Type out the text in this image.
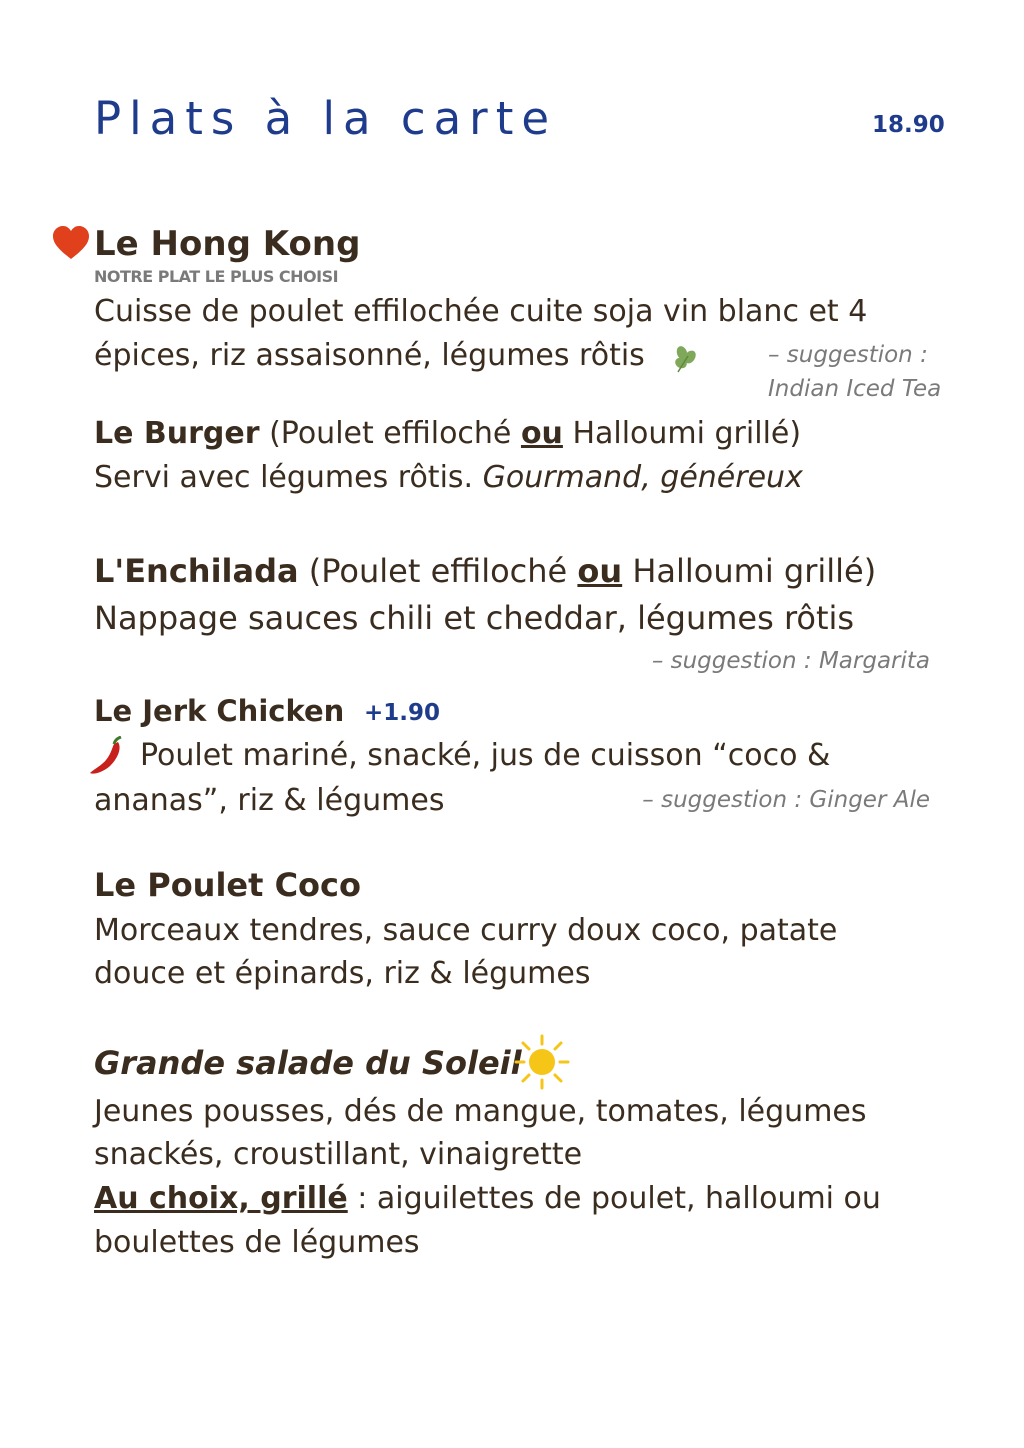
Plats à la carte	18.90
Le Hong Kong
NOTRE PLAT LE PLUS CHOISI
Cuisse de poulet effilochée cuite soja vin blanc et 4
épices, riz assaisonné, légumes rôtis	– suggestion :
Indian Iced Tea
Le Burger (Poulet effiloché ou Halloumi grillé)
Servi avec légumes rôtis. Gourmand, généreux
L'Enchilada (Poulet effiloché ou Halloumi grillé)
Nappage sauces chili et cheddar, légumes rôtis
– suggestion : Margarita
Le Jerk Chicken +1.90
Poulet mariné, snacké, jus de cuisson “coco &
ananas”, riz & légumes	– suggestion : Ginger Ale
Le Poulet Coco
Morceaux tendres, sauce curry doux coco, patate
douce et épinards, riz & légumes
Grande salade du Soleil
Jeunes pousses, dés de mangue, tomates, légumes
snackés, croustillant, vinaigrette
Au choix, grillé : aiguilettes de poulet, halloumi ou
boulettes de légumes
